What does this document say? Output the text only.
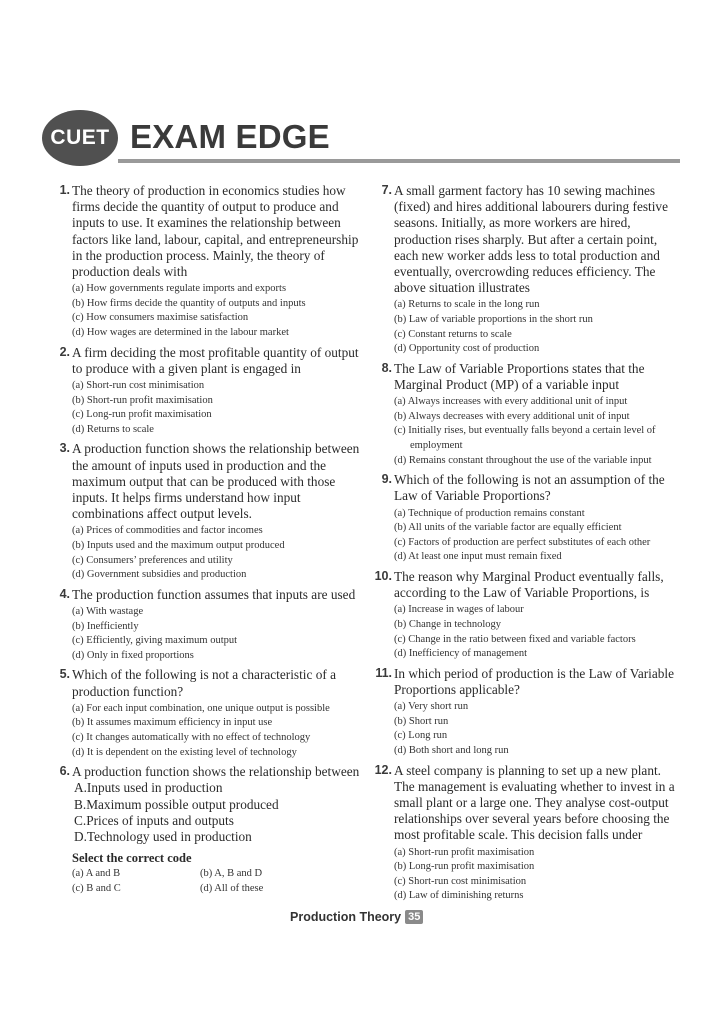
CUET EXAM EDGE
1. The theory of production in economics studies how firms decide the quantity of output to produce and inputs to use. It examines the relationship between factors like land, labour, capital, and entrepreneurship in the production process. Mainly, the theory of production deals with
(a) How governments regulate imports and exports
(b) How firms decide the quantity of outputs and inputs
(c) How consumers maximise satisfaction
(d) How wages are determined in the labour market
2. A firm deciding the most profitable quantity of output to produce with a given plant is engaged in
(a) Short-run cost minimisation
(b) Short-run profit maximisation
(c) Long-run profit maximisation
(d) Returns to scale
3. A production function shows the relationship between the amount of inputs used in production and the maximum output that can be produced with those inputs. It helps firms understand how input combinations affect output levels.
(a) Prices of commodities and factor incomes
(b) Inputs used and the maximum output produced
(c) Consumers’ preferences and utility
(d) Government subsidies and production
4. The production function assumes that inputs are used
(a) With wastage
(b) Inefficiently
(c) Efficiently, giving maximum output
(d) Only in fixed proportions
5. Which of the following is not a characteristic of a production function?
(a) For each input combination, one unique output is possible
(b) It assumes maximum efficiency in input use
(c) It changes automatically with no effect of technology
(d) It is dependent on the existing level of technology
6. A production function shows the relationship between
A.Inputs used in production
B.Maximum possible output produced
C.Prices of inputs and outputs
D.Technology used in production
Select the correct code
(a) A and B	(b) A, B and D
(c) B and C	(d) All of these
7. A small garment factory has 10 sewing machines (fixed) and hires additional labourers during festive seasons. Initially, as more workers are hired, production rises sharply. But after a certain point, each new worker adds less to total production and eventually, overcrowding reduces efficiency. The above situation illustrates
(a) Returns to scale in the long run
(b) Law of variable proportions in the short run
(c) Constant returns to scale
(d) Opportunity cost of production
8. The Law of Variable Proportions states that the Marginal Product (MP) of a variable input
(a) Always increases with every additional unit of input
(b) Always decreases with every additional unit of input
(c) Initially rises, but eventually falls beyond a certain level of employment
(d) Remains constant throughout the use of the variable input
9. Which of the following is not an assumption of the Law of Variable Proportions?
(a) Technique of production remains constant
(b) All units of the variable factor are equally efficient
(c) Factors of production are perfect substitutes of each other
(d) At least one input must remain fixed
10. The reason why Marginal Product eventually falls, according to the Law of Variable Proportions, is
(a) Increase in wages of labour
(b) Change in technology
(c) Change in the ratio between fixed and variable factors
(d) Inefficiency of management
11. In which period of production is the Law of Variable Proportions applicable?
(a) Very short run
(b) Short run
(c) Long run
(d) Both short and long run
12. A steel company is planning to set up a new plant. The management is evaluating whether to invest in a small plant or a large one. They analyse cost-output relationships over several years before choosing the most profitable scale. This decision falls under
(a) Short-run profit maximisation
(b) Long-run profit maximisation
(c) Short-run cost minimisation
(d) Law of diminishing returns
Production Theory 35
